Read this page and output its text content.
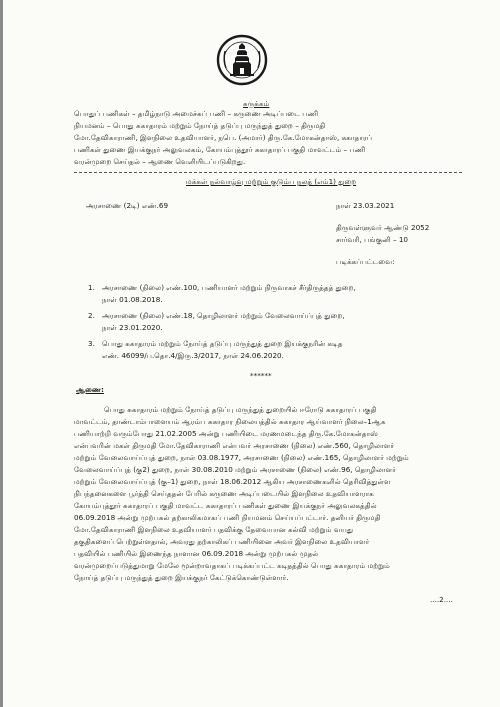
சுருக்கம்
பொதுப் பணிகள் – தமிழ்நாடு அமைச்சுப் பணி – கருணை அடிப்படை பணி
நியமனம் – பொது சுகாதாரம் மற்றும் நோய்த் தடுப்பு மருந்துத் துறை – திருமதி
மோ.தேவிகாராணி, இளநிலை உதவியாளர், நபெ. (அமார்) திரு.கே.மோகன்தாஸ், சுகாதாரப்
பணிகள் துணை இயக்குநர் அலுவலகம், கோயம்புத்தூர் சுகாதாரப் பகுதி மாவட்டம் – பணி
வரன்முறை செய்தல் – ஆணை வெளியிடப்படுகிறது.
மக்கள் நல்வாழ்வு மற்றும் குடும்ப நலத் (எம்1) துறை
அரசாணை (2டி) எண்.69	நாள் 23.03.2021
திருவள்ளுவர் ஆண்டு 2052
சார்வரி, பங்குனி – 10
படிக்கப்பட்டவை:
1. அரசாணை (நிலை) எண்.100, பணியாளர் மற்றும் நிருவாகச் சீர்திருத்தத் துறை,
நாள் 01.08.2018.
2. அரசாணை (நிலை) எண்.18, தொழிலாளர் மற்றும் வேலைவாய்ப்புத் துறை,
நாள் 23.01.2020.
3. பொது சுகாதாரம் மற்றும் நோய்த் தடுப்பு மருந்துத் துறை இயக்குநரின் கடித
எண். 46099/ப.தொ.4/இரு.3/2017, நாள் 24.06.2020.
******
ஆணை:
பொது சுகாதாரம் மற்றும் நோய்த் தடுப்பு மருந்துத் துறையில் ஈரோடு சுகாதாரப் பகுதி
மாவட்டம், தாண்டாம்பாளையம் ஆரம்ப சுகாதார நிலையத்தில் சுகாதார ஆய்வாளர் நிலை–1ஆக
பணியாற்றி வரும்போது 21.02.2005 அன்று பணியிடை மரணமடைந்த திரு.கே.மோகன்தாஸ்
என்பவரின் மகள் திருமதி மோ.தேவிகாராணி என்பவர் அரசாணை (நிலை) எண்.560, தொழிலாளர்
மற்றும் வேலைவாய்ப்புத் துறை, நாள் 03.08.1977, அரசாணை (நிலை) எண்.165, தொழிலாளர் மற்றும்
வேலைவாய்ப்புத் (கு2) துறை, நாள் 30.08.2010 மற்றும் அரசாணை (நிலை) எண்.96, தொழிலாளர்
மற்றும் வேலைவாய்ப்புத் (கு–1) துறை, நாள் 18.06.2012 ஆகிய அரசாணைகளில் தெரிவித்துள்ள
நிபந்தனைகளை பூர்த்தி செய்ததன் பேரில் கருணை அடிப்படையில் இளநிலை உதவியாளராக
கோயம்புத்தூர் சுகாதாரப் பகுதி மாவட்ட சுகாதாரப் பணிகள் துணை இயக்குநர் அலுவலகத்தில்
06.09.2018 அன்று முற்பகல் தற்காலிகமாகப் பணி நியமனம் செய்யப்பட்டார். தனியர் திருமதி
மோ.தேவிகாராணி இளநிலை உதவியாளர் பதவிக்கு தேவையான கல்வி மற்றும் வயது
தகுதிகளைப் பெற்றுள்ளதால், அவரது தற்காலிகப் பணியினை அவர் இளநிலை உதவியாளர்
பதவியில் பணியில் இணைந்த நாளான 06.09.2018 அன்று முற்பகல் முதல்
வரன்முறைப்படுத்துமாறு மேலே மூன்றாவதாகப் படிக்கப்பட்ட கடிதத்தில் பொது சுகாதாரம் மற்றும்
நோய்த் தடுப்பு மருந்துத் துறை இயக்குநர் கேட்டுக்கொண்டுள்ளார்.
....2....
